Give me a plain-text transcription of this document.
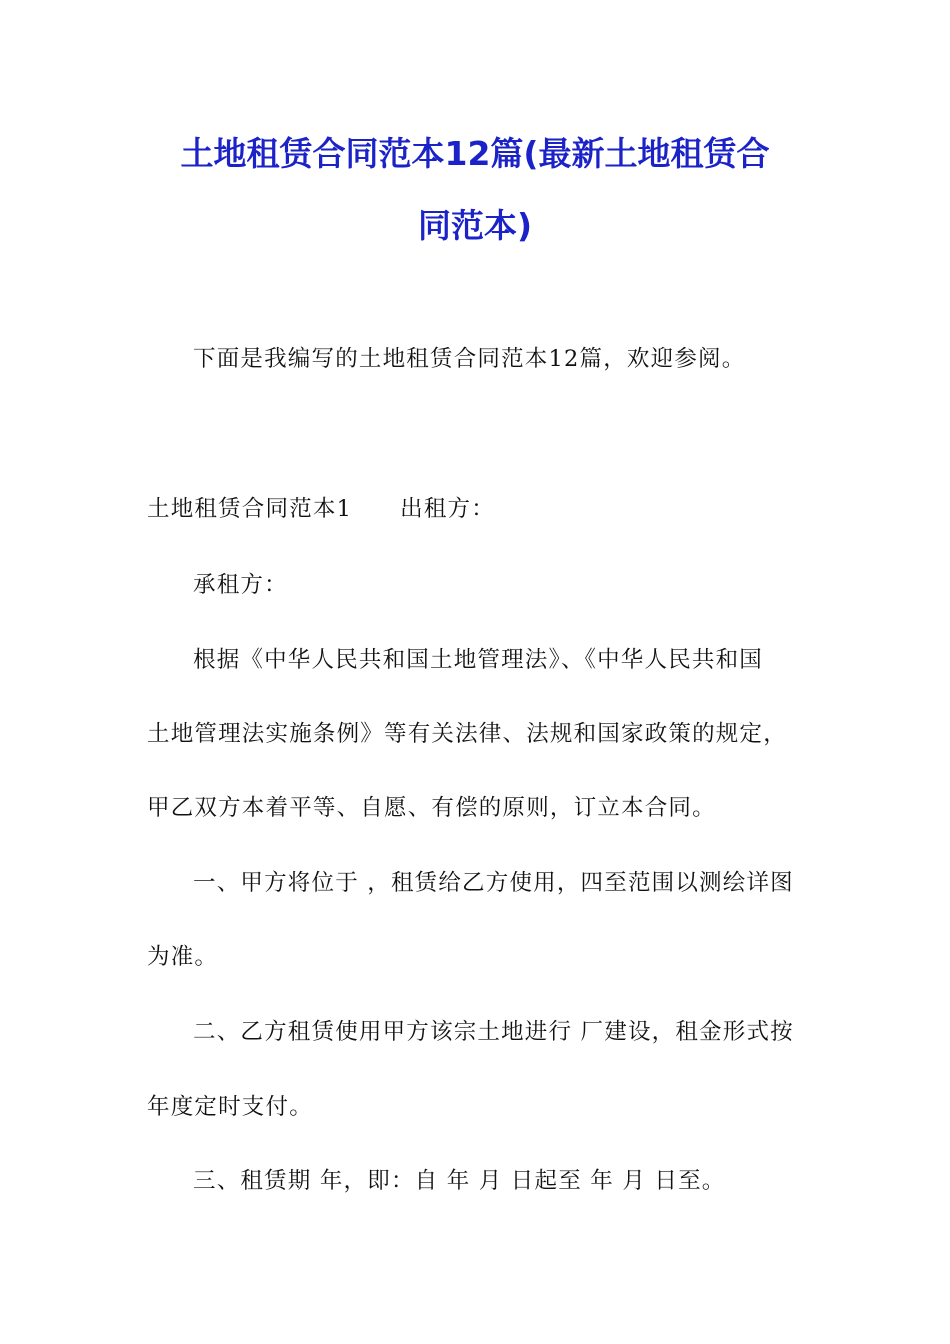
土地租赁合同范本12篇(最新土地租赁合
同范本)

下面是我编写的土地租赁合同范本12篇，欢迎参阅。

土地租赁合同范本1 出租方：

承租方：

根据《中华人民共和国土地管理法》、《中华人民共和国

土地管理法实施条例》等有关法律、法规和国家政策的规定，

甲乙双方本着平等、自愿、有偿的原则，订立本合同。

一、甲方将位于 ，租赁给乙方使用，四至范围以测绘详图

为准。

二、乙方租赁使用甲方该宗土地进行 厂建设，租金形式按

年度定时支付。

三、租赁期 年，即：自 年 月 日起至 年 月 日至。
